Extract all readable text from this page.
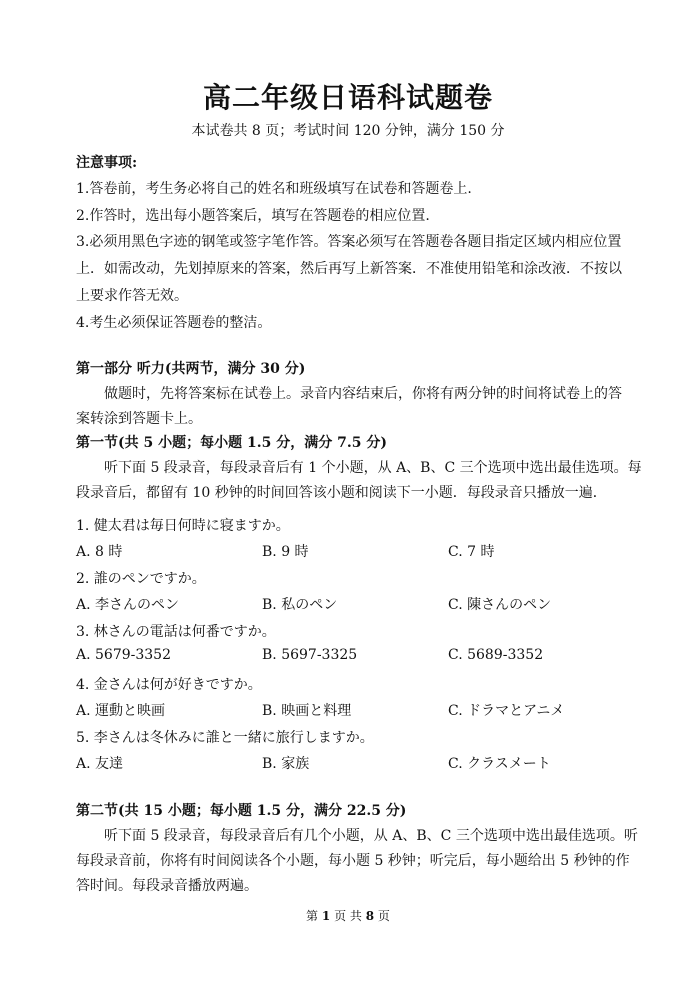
高二年级日语科试题卷
本试卷共 8 页；考试时间 120 分钟，满分 150 分
注意事项:
1.答卷前，考生务必将自己的姓名和班级填写在试卷和答题卷上.
2.作答时，选出每小题答案后，填写在答题卷的相应位置.
3.必须用黑色字迹的钢笔或签字笔作答。答案必须写在答题卷各题目指定区域内相应位置
上．如需改动，先划掉原来的答案，然后再写上新答案．不准使用铅笔和涂改液．不按以
上要求作答无效。
4.考生必须保证答题卷的整洁。
第一部分 听力(共两节，满分 30 分)
做题时，先将答案标在试卷上。录音内容结束后，你将有两分钟的时间将试卷上的答
案转涂到答题卡上。
第一节(共 5 小题；每小题 1.5 分，满分 7.5 分)
听下面 5 段录音，每段录音后有 1 个小题，从 A、B、C 三个选项中选出最佳选项。每
段录音后，都留有 10 秒钟的时间回答该小题和阅读下一小题．每段录音只播放一遍．
1. 健太君は毎日何時に寝ますか。
A. 8 時	B. 9 時	C. 7 時
2. 誰のペンですか。
A. 李さんのペン	B. 私のペン	C. 陳さんのペン
3. 林さんの電話は何番ですか。
A. 5679-3352	B. 5697-3325	C. 5689-3352
4. 金さんは何が好きですか。
A. 運動と映画	B. 映画と料理	C. ドラマとアニメ
5. 李さんは冬休みに誰と一緒に旅行しますか。
A. 友達	B. 家族	C. クラスメート
第二节(共 15 小题；每小题 1.5 分，满分 22.5 分)
听下面 5 段录音，每段录音后有几个小题，从 A、B、C 三个选项中选出最佳选项。听
每段录音前，你将有时间阅读各个小题，每小题 5 秒钟；听完后，每小题给出 5 秒钟的作
答时间。每段录音播放两遍。
第 1 页 共 8 页
